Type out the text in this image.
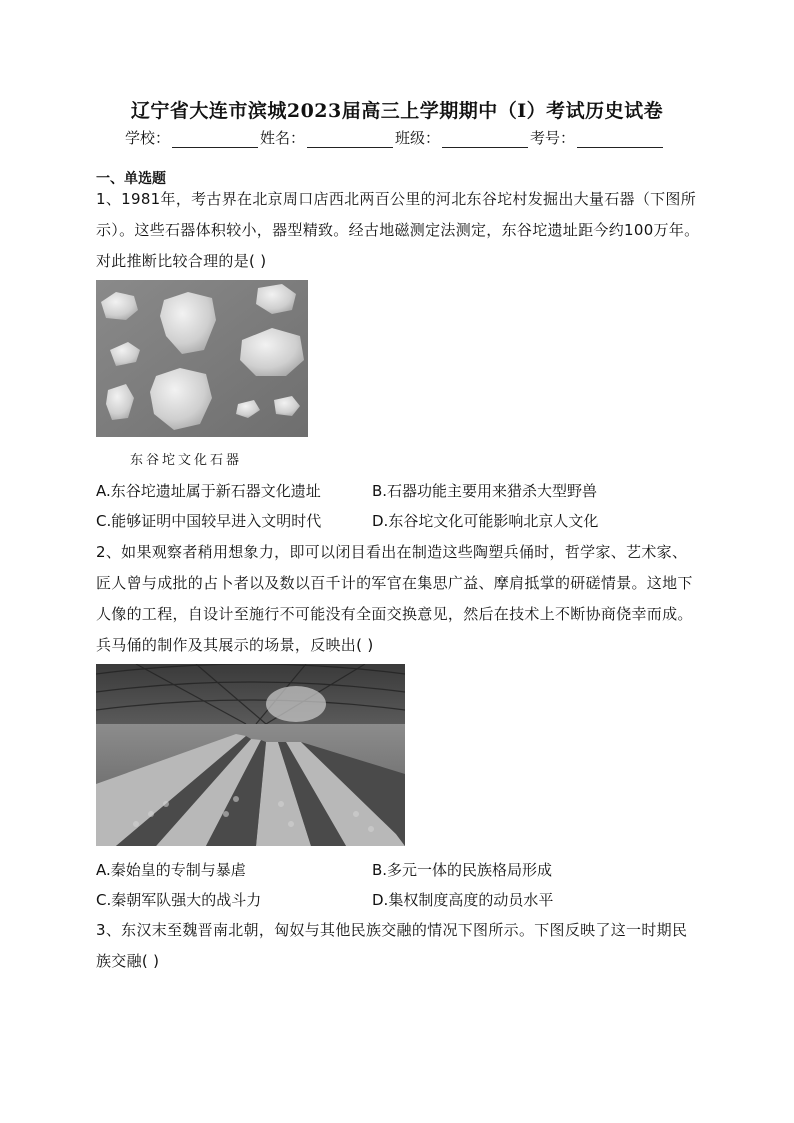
辽宁省大连市滨城2023届高三上学期期中（Ⅰ）考试历史试卷
学校：	姓名：	班级：	考号：
一、单选题
1、1981年，考古界在北京周口店西北两百公里的河北东谷坨村发掘出大量石器（下图所示）。这些石器体积较小，器型精致。经古地磁测定法测定，东谷坨遗址距今约100万年。对此推断比较合理的是( )
东谷坨文化石器
A.东谷坨遗址属于新石器文化遗址	B.石器功能主要用来猎杀大型野兽
C.能够证明中国较早进入文明时代	D.东谷坨文化可能影响北京人文化
2、如果观察者稍用想象力，即可以闭目看出在制造这些陶塑兵俑时，哲学家、艺术家、匠人曾与成批的占卜者以及数以百千计的军官在集思广益、摩肩抵掌的研磋情景。这地下人像的工程，自设计至施行不可能没有全面交换意见，然后在技术上不断协商侥幸而成。兵马俑的制作及其展示的场景，反映出( )
A.秦始皇的专制与暴虐	B.多元一体的民族格局形成
C.秦朝军队强大的战斗力	D.集权制度高度的动员水平
3、东汉末至魏晋南北朝，匈奴与其他民族交融的情况下图所示。下图反映了这一时期民族交融( )
